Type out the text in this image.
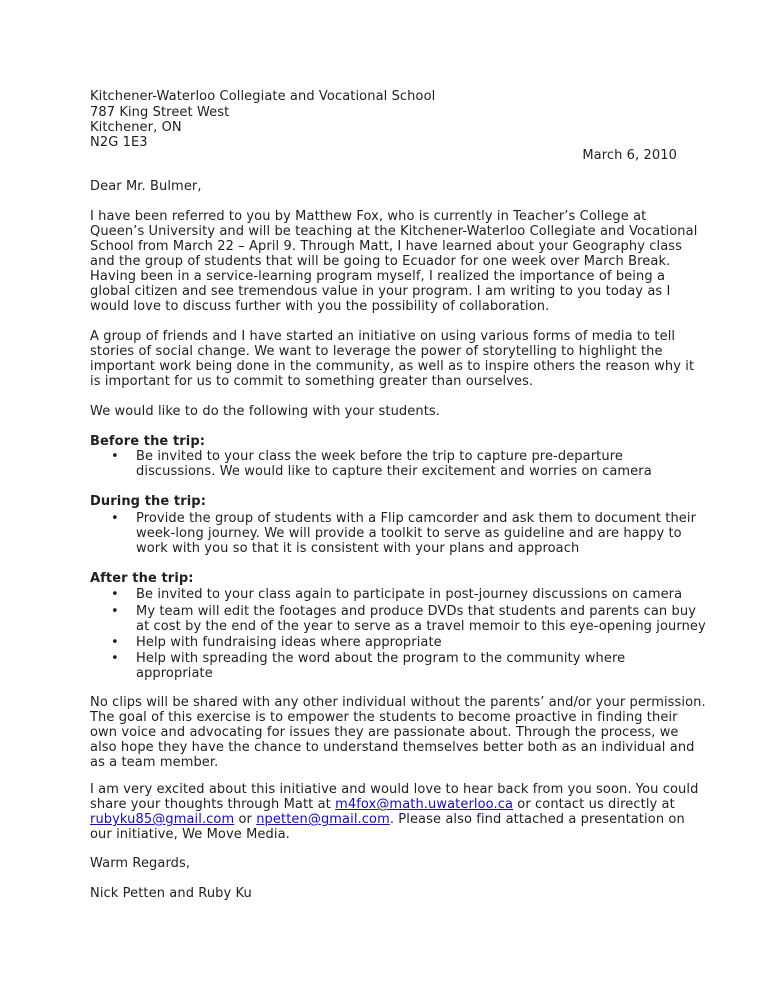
Kitchener-Waterloo Collegiate and Vocational School
787 King Street West
Kitchener, ON
N2G 1E3
March 6, 2010
Dear Mr. Bulmer,
I have been referred to you by Matthew Fox, who is currently in Teacher’s College at
Queen’s University and will be teaching at the Kitchener-Waterloo Collegiate and Vocational
School from March 22 – April 9. Through Matt, I have learned about your Geography class
and the group of students that will be going to Ecuador for one week over March Break.
Having been in a service-learning program myself, I realized the importance of being a
global citizen and see tremendous value in your program. I am writing to you today as I
would love to discuss further with you the possibility of collaboration.
A group of friends and I have started an initiative on using various forms of media to tell
stories of social change. We want to leverage the power of storytelling to highlight the
important work being done in the community, as well as to inspire others the reason why it
is important for us to commit to something greater than ourselves.
We would like to do the following with your students.
Before the trip:
• Be invited to your class the week before the trip to capture pre-departure
discussions. We would like to capture their excitement and worries on camera
During the trip:
• Provide the group of students with a Flip camcorder and ask them to document their
week-long journey. We will provide a toolkit to serve as guideline and are happy to
work with you so that it is consistent with your plans and approach
After the trip:
• Be invited to your class again to participate in post-journey discussions on camera
• My team will edit the footages and produce DVDs that students and parents can buy
at cost by the end of the year to serve as a travel memoir to this eye-opening journey
• Help with fundraising ideas where appropriate
• Help with spreading the word about the program to the community where
appropriate
No clips will be shared with any other individual without the parents’ and/or your permission.
The goal of this exercise is to empower the students to become proactive in finding their
own voice and advocating for issues they are passionate about. Through the process, we
also hope they have the chance to understand themselves better both as an individual and
as a team member.
I am very excited about this initiative and would love to hear back from you soon. You could
share your thoughts through Matt at m4fox@math.uwaterloo.ca or contact us directly at
rubyku85@gmail.com or npetten@gmail.com. Please also find attached a presentation on
our initiative, We Move Media.
Warm Regards,
Nick Petten and Ruby Ku
